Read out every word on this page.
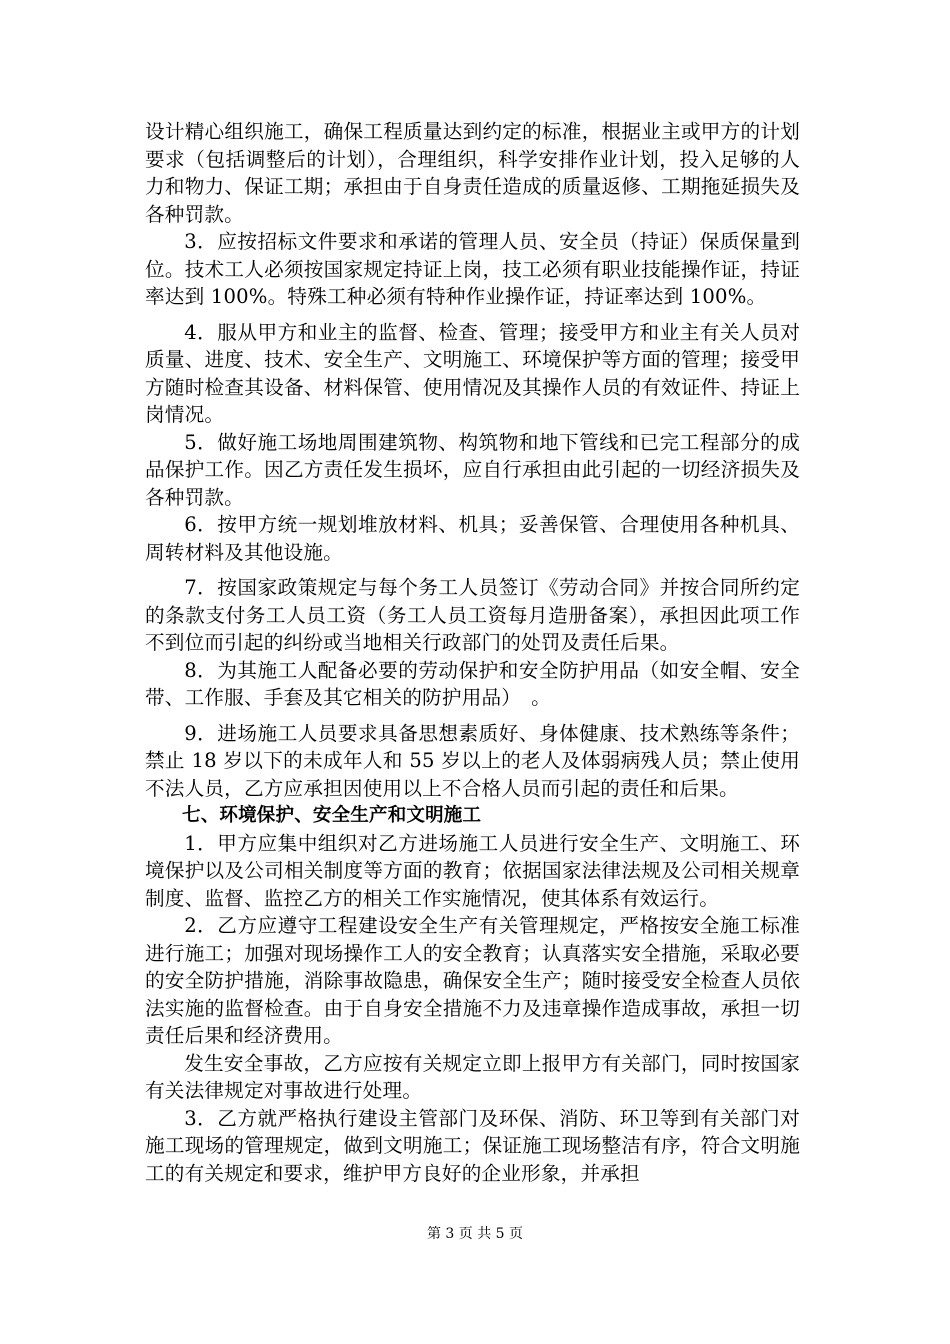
设计精心组织施工，确保工程质量达到约定的标准，根据业主或甲方的计划要求（包括调整后的计划），合理组织，科学安排作业计划，投入足够的人力和物力、保证工期；承担由于自身责任造成的质量返修、工期拖延损失及各种罚款。

3．应按招标文件要求和承诺的管理人员、安全员（持证）保质保量到位。技术工人必须按国家规定持证上岗，技工必须有职业技能操作证，持证率达到 100%。特殊工种必须有特种作业操作证，持证率达到 100%。

4．服从甲方和业主的监督、检查、管理；接受甲方和业主有关人员对质量、进度、技术、安全生产、文明施工、环境保护等方面的管理；接受甲方随时检查其设备、材料保管、使用情况及其操作人员的有效证件、持证上岗情况。

5．做好施工场地周围建筑物、构筑物和地下管线和已完工程部分的成品保护工作。因乙方责任发生损坏，应自行承担由此引起的一切经济损失及各种罚款。

6．按甲方统一规划堆放材料、机具；妥善保管、合理使用各种机具、周转材料及其他设施。

7．按国家政策规定与每个务工人员签订《劳动合同》并按合同所约定的条款支付务工人员工资（务工人员工资每月造册备案），承担因此项工作不到位而引起的纠纷或当地相关行政部门的处罚及责任后果。

8．为其施工人配备必要的劳动保护和安全防护用品（如安全帽、安全带、工作服、手套及其它相关的防护用品）　。

9．进场施工人员要求具备思想素质好、身体健康、技术熟练等条件；禁止 18 岁以下的未成年人和 55 岁以上的老人及体弱病残人员；禁止使用不法人员，乙方应承担因使用以上不合格人员而引起的责任和后果。

七、环境保护、安全生产和文明施工

1．甲方应集中组织对乙方进场施工人员进行安全生产、文明施工、环境保护以及公司相关制度等方面的教育；依据国家法律法规及公司相关规章制度、监督、监控乙方的相关工作实施情况，使其体系有效运行。

2．乙方应遵守工程建设安全生产有关管理规定，严格按安全施工标准进行施工；加强对现场操作工人的安全教育；认真落实安全措施，采取必要的安全防护措施，消除事故隐患，确保安全生产；随时接受安全检查人员依法实施的监督检查。由于自身安全措施不力及违章操作造成事故，承担一切责任后果和经济费用。

发生安全事故，乙方应按有关规定立即上报甲方有关部门，同时按国家有关法律规定对事故进行处理。

3．乙方就严格执行建设主管部门及环保、消防、环卫等到有关部门对施工现场的管理规定，做到文明施工；保证施工现场整洁有序，符合文明施工的有关规定和要求，维护甲方良好的企业形象，并承担

第 3 页 共 5 页
